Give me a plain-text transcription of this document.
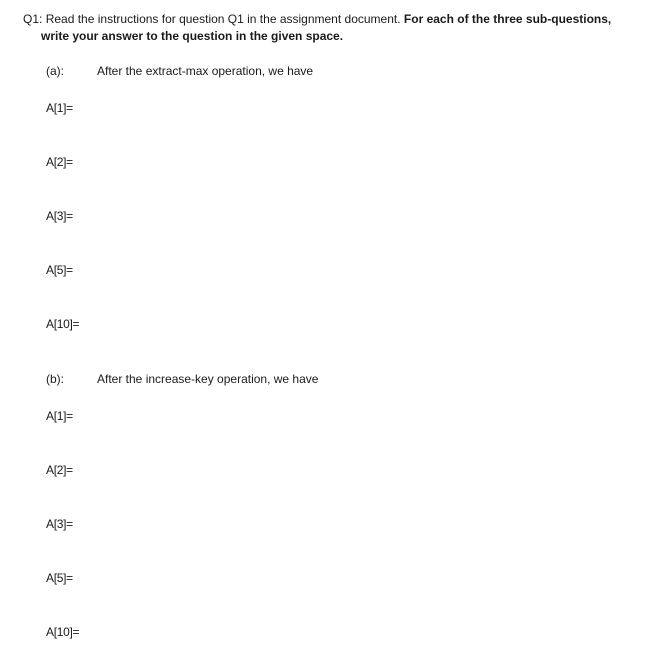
Q1: Read the instructions for question Q1 in the assignment document. For each of the three sub-questions,
write your answer to the question in the given space.
(a):	After the extract-max operation, we have
A[1]=
A[2]=
A[3]=
A[5]=
A[10]=
(b):	After the increase-key operation, we have
A[1]=
A[2]=
A[3]=
A[5]=
A[10]=
